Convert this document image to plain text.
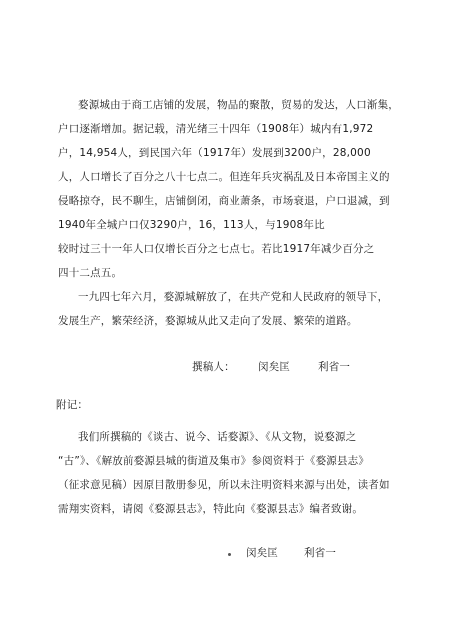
婺源城由于商工店铺的发展，物品的聚散，贸易的发达，人口渐集，
户口逐渐增加。据记载，清光绪三十四年（1908年）城内有1,972
户，14,954人，到民国六年（1917年）发展到3200户，28,000
人，人口增长了百分之八十七点二。但连年兵灾祸乱及日本帝国主义的
侵略掠夺，民不聊生，店铺倒闭，商业萧条，市场衰退，户口退减，到
1940年全城户口仅3290户，16，113人，与1908年比
较时过三十一年人口仅增长百分之七点七。若比1917年减少百分之
四十二点五。
一九四七年六月，婺源城解放了，在共产党和人民政府的领导下，
发展生产，繁荣经济，婺源城从此又走向了发展、繁荣的道路。
撰稿人： 闵矣匡	利省一
附记：
我们所撰稿的《谈古、说今、话婺源》、《从文物，说婺源之
“古”》、《解放前婺源县城的街道及集市》参阅资料于《婺源县志》
（征求意见稿）因原目散册参见，所以未注明资料来源与出处，读者如
需翔实资料，请阅《婺源县志》，特此向《婺源县志》编者致谢。
闵矣匡 利省一
